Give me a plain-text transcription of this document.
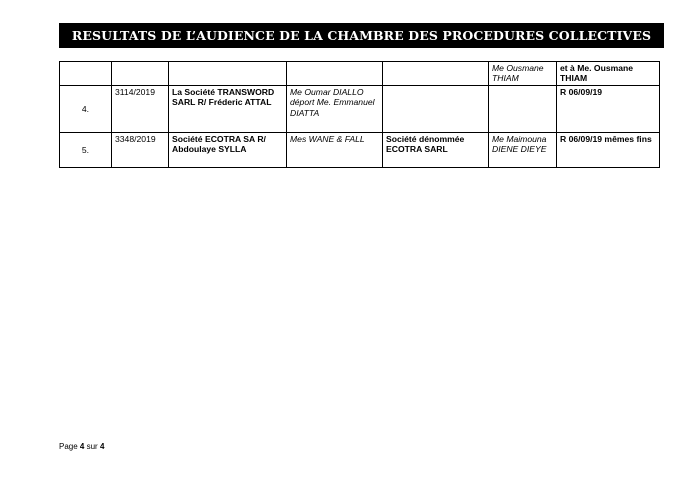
RESULTATS DE L’AUDIENCE DE LA CHAMBRE DES PROCEDURES COLLECTIVES
					Me Ousmane THIAM	et à Me. Ousmane THIAM
4.	3114/2019	La Société TRANSWORD SARL R/ Fréderic ATTAL	Me Oumar DIALLO déport Me. Emmanuel DIATTA			R 06/09/19
5.	3348/2019	Société ECOTRA SA R/ Abdoulaye SYLLA	Mes WANE & FALL	Société dénommée ECOTRA SARL	Me Maimouna DIENE DIEYE	R 06/09/19 mêmes fins
Page 4 sur 4
